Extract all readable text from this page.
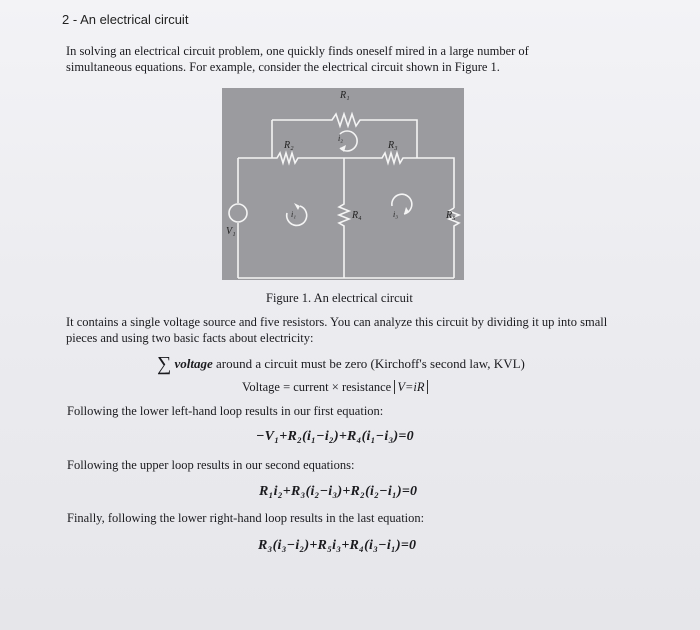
2 - An electrical circuit
In solving an electrical circuit problem, one quickly finds oneself mired in a large number of simultaneous equations. For example, consider the electrical circuit shown in Figure 1.
R₁
R₂	R₃
R₄	R₅
V₁
i₂
i₁	i₃
Figure 1. An electrical circuit
It contains a single voltage source and five resistors. You can analyze this circuit by dividing it up into small pieces and using two basic facts about electricity:
∑ voltage around a circuit must be zero (Kirchoff's second law, KVL)
Voltage = current × resistance V=iR
Following the lower left-hand loop results in our first equation:
−V₁+R₂(i₁−i₂)+R₄(i₁−i₃)=0
Following the upper loop results in our second equations:
R₁i₂+R₃(i₂−i₃)+R₂(i₂−i₁)=0
Finally, following the lower right-hand loop results in the last equation:
R₃(i₃−i₂)+R₅i₃+R₄(i₃−i₁)=0
